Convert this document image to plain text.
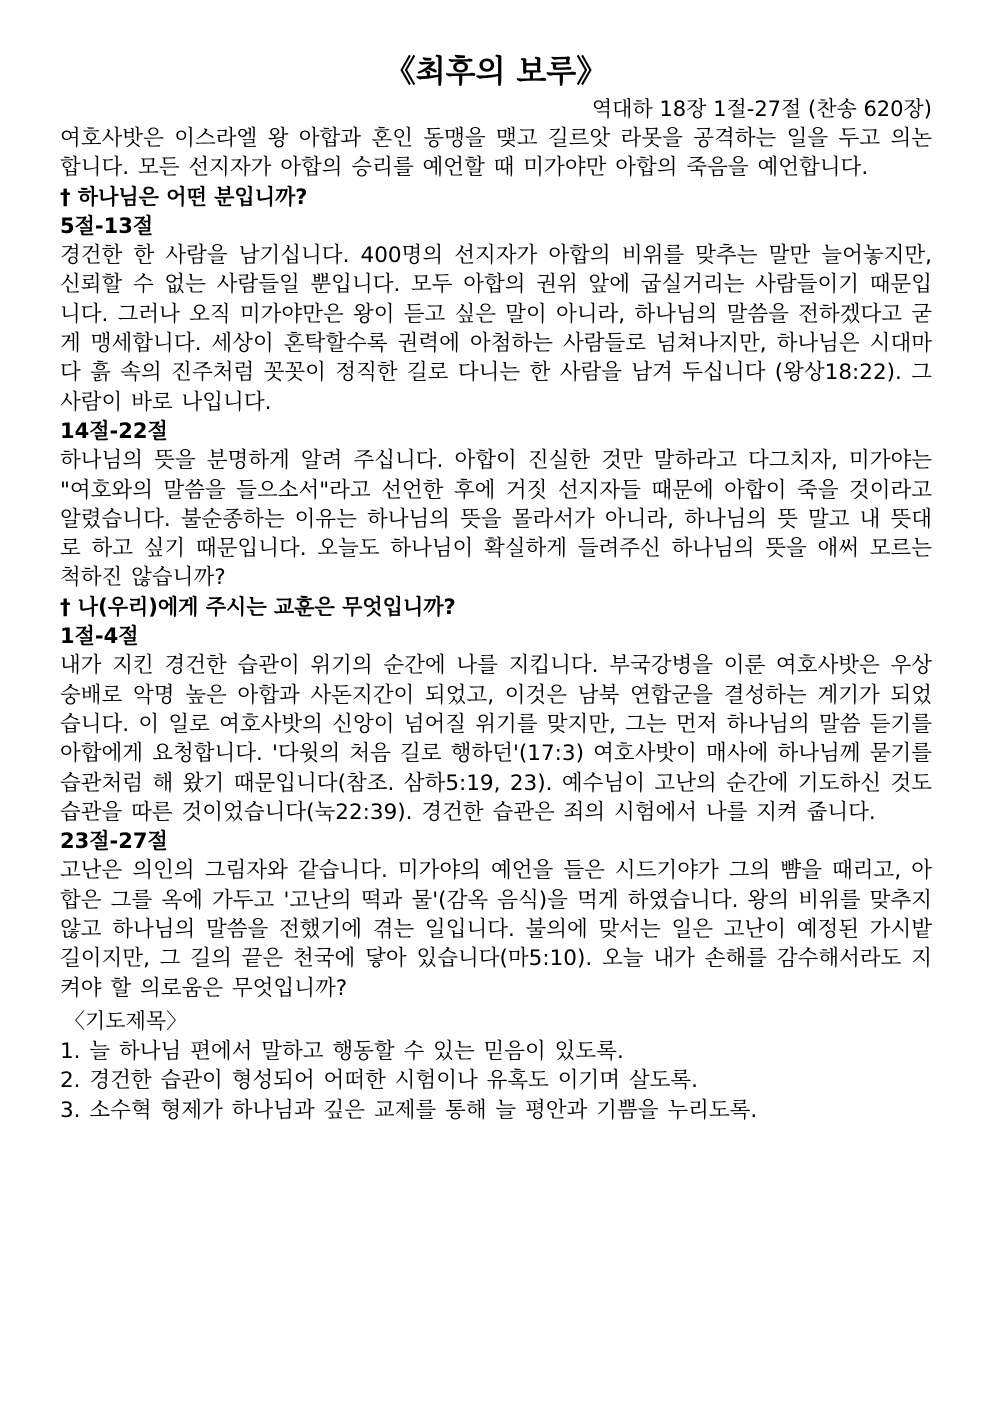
《최후의 보루》

역대하 18장 1절-27절 (찬송 620장)

여호사밧은 이스라엘 왕 아합과 혼인 동맹을 맺고 길르앗 라못을 공격하는 일을 두고 의논합니다. 모든 선지자가 아합의 승리를 예언할 때 미가야만 아합의 죽음을 예언합니다.

† 하나님은 어떤 분입니까?

5절-13절

경건한 한 사람을 남기십니다. 400명의 선지자가 아합의 비위를 맞추는 말만 늘어놓지만, 신뢰할 수 없는 사람들일 뿐입니다. 모두 아합의 권위 앞에 굽실거리는 사람들이기 때문입니다. 그러나 오직 미가야만은 왕이 듣고 싶은 말이 아니라, 하나님의 말씀을 전하겠다고 굳게 맹세합니다. 세상이 혼탁할수록 권력에 아첨하는 사람들로 넘쳐나지만, 하나님은 시대마다 흙 속의 진주처럼 꼿꼿이 정직한 길로 다니는 한 사람을 남겨 두십니다 (왕상18:22). 그 사람이 바로 나입니다.

14절-22절

하나님의 뜻을 분명하게 알려 주십니다. 아합이 진실한 것만 말하라고 다그치자, 미가야는 "여호와의 말씀을 들으소서"라고 선언한 후에 거짓 선지자들 때문에 아합이 죽을 것이라고 알렸습니다. 불순종하는 이유는 하나님의 뜻을 몰라서가 아니라, 하나님의 뜻 말고 내 뜻대로 하고 싶기 때문입니다. 오늘도 하나님이 확실하게 들려주신 하나님의 뜻을 애써 모르는 척하진 않습니까?

† 나(우리)에게 주시는 교훈은 무엇입니까?

1절-4절

내가 지킨 경건한 습관이 위기의 순간에 나를 지킵니다. 부국강병을 이룬 여호사밧은 우상숭배로 악명 높은 아합과 사돈지간이 되었고, 이것은 남북 연합군을 결성하는 계기가 되었습니다. 이 일로 여호사밧의 신앙이 넘어질 위기를 맞지만, 그는 먼저 하나님의 말씀 듣기를 아합에게 요청합니다. '다윗의 처음 길로 행하던'(17:3) 여호사밧이 매사에 하나님께 묻기를 습관처럼 해 왔기 때문입니다(참조. 삼하5:19, 23). 예수님이 고난의 순간에 기도하신 것도 습관을 따른 것이었습니다(눅22:39). 경건한 습관은 죄의 시험에서 나를 지켜 줍니다.

23절-27절

고난은 의인의 그림자와 같습니다. 미가야의 예언을 들은 시드기야가 그의 뺨을 때리고, 아합은 그를 옥에 가두고 '고난의 떡과 물'(감옥 음식)을 먹게 하였습니다. 왕의 비위를 맞추지 않고 하나님의 말씀을 전했기에 겪는 일입니다. 불의에 맞서는 일은 고난이 예정된 가시밭길이지만, 그 길의 끝은 천국에 닿아 있습니다(마5:10). 오늘 내가 손해를 감수해서라도 지켜야 할 의로움은 무엇입니까?

〈기도제목〉

1. 늘 하나님 편에서 말하고 행동할 수 있는 믿음이 있도록.
2. 경건한 습관이 형성되어 어떠한 시험이나 유혹도 이기며 살도록.
3. 소수혁 형제가 하나님과 깊은 교제를 통해 늘 평안과 기쁨을 누리도록.
